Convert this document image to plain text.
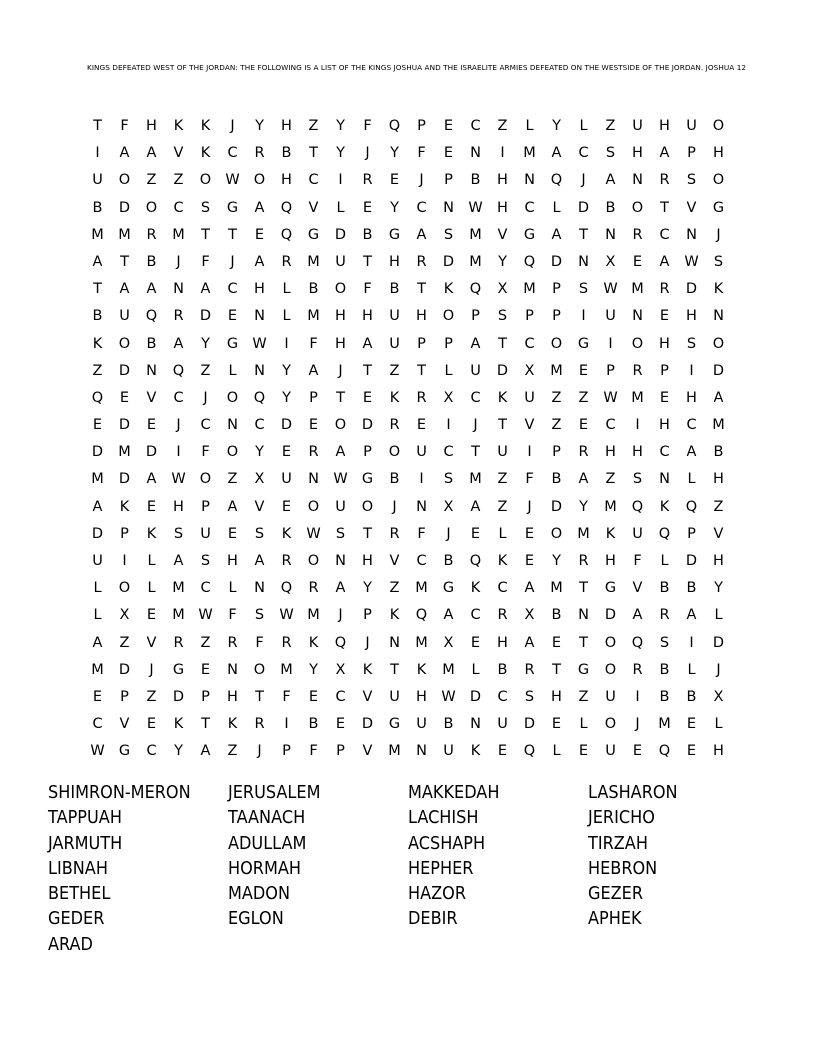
KINGS DEFEATED WEST OF THE JORDAN: THE FOLLOWING IS A LIST OF THE KINGS JOSHUA AND THE ISRAELITE ARMIES DEFEATED ON THE WESTSIDE OF THE JORDAN. JOSHUA 12
T	F	H	K	K	J	Y	H	Z	Y	F	Q	P	E	C	Z	L	Y	L	Z	U	H	U	O
I	A	A	V	K	C	R	B	T	Y	J	Y	F	E	N	I	M	A	C	S	H	A	P	H
U	O	Z	Z	O W O	H	C	I	R	E	J	P	B	H	N	Q	J	A	N	R	S	O
B	D	O	C	S	G	A	Q	V	L	E	Y	C	N W H	C	L	D	B	O	T	V	G
M M	R	M	T	T	E	Q	G	D	B	G	A	S	M	V	G	A	T	N	R	C	N	J
A	T	B	J	F	J	A	R	M	U	T	H	R	D	M	Y	Q	D	N	X	E	A	W	S
T	A	A	N	A	C	H	L	B	O	F	B	T	K	Q	X	M	P	S	W M	R	D	K
B	U	Q	R	D	E	N	L	M	H	H	U	H	O	P	S	P	P	I	U	N	E	H	N
K	O	B	A	Y	G W	I	F	H	A	U	P	P	A	T	C	O	G	I	O	H	S	O
Z	D	N	Q	Z	L	N	Y	A	J	T	Z	T	L	U	D	X	M	E	P	R	P	I	D
Q	E	V	C	J	O	Q	Y	P	T	E	K	R	X	C	K	U	Z	Z	W M	E	H	A
E	D	E	J	C	N	C	D	E	O	D	R	E	I	J	T	V	Z	E	C	I	H	C	M
D	M	D	I	F	O	Y	E	R	A	P	O	U	C	T	U	I	P	R	H	H	C	A	B
M	D	A	W O	Z	X	U	N W G	B	I	S	M	Z	F	B	A	Z	S	N	L	H
A	K	E	H	P	A	V	E	O	U	O	J	N	X	A	Z	J	D	Y	M	Q	K	Q	Z
D	P	K	S	U	E	S	K	W	S	T	R	F	J	E	L	E	O	M	K	U	Q	P	V
U	I	L	A	S	H	A	R	O	N	H	V	C	B	Q	K	E	Y	R	H	F	L	D	H
L	O	L	M	C	L	N	Q	R	A	Y	Z	M	G	K	C	A	M	T	G	V	B	B	Y
L	X	E	M W	F	S	W M	J	P	K	Q	A	C	R	X	B	N	D	A	R	A	L
A	Z	V	R	Z	R	F	R	K	Q	J	N	M	X	E	H	A	E	T	O	Q	S	I	D
M	D	J	G	E	N	O	M	Y	X	K	T	K	M	L	B	R	T	G	O	R	B	L	J
E	P	Z	D	P	H	T	F	E	C	V	U	H W D	C	S	H	Z	U	I	B	B	X
C	V	E	K	T	K	R	I	B	E	D	G	U	B	N	U	D	E	L	O	J	M	E	L
W G	C	Y	A	Z	J	P	F	P	V	M	N	U	K	E	Q	L	E	U	E	Q	E	H
SHIMRON-MERON	JERUSALEM	MAKKEDAH	LASHARON
TAPPUAH	TAANACH	LACHISH	JERICHO
JARMUTH	ADULLAM	ACSHAPH	TIRZAH
LIBNAH	HORMAH	HEPHER	HEBRON
BETHEL	MADON	HAZOR	GEZER
GEDER	EGLON	DEBIR	APHEK
ARAD
